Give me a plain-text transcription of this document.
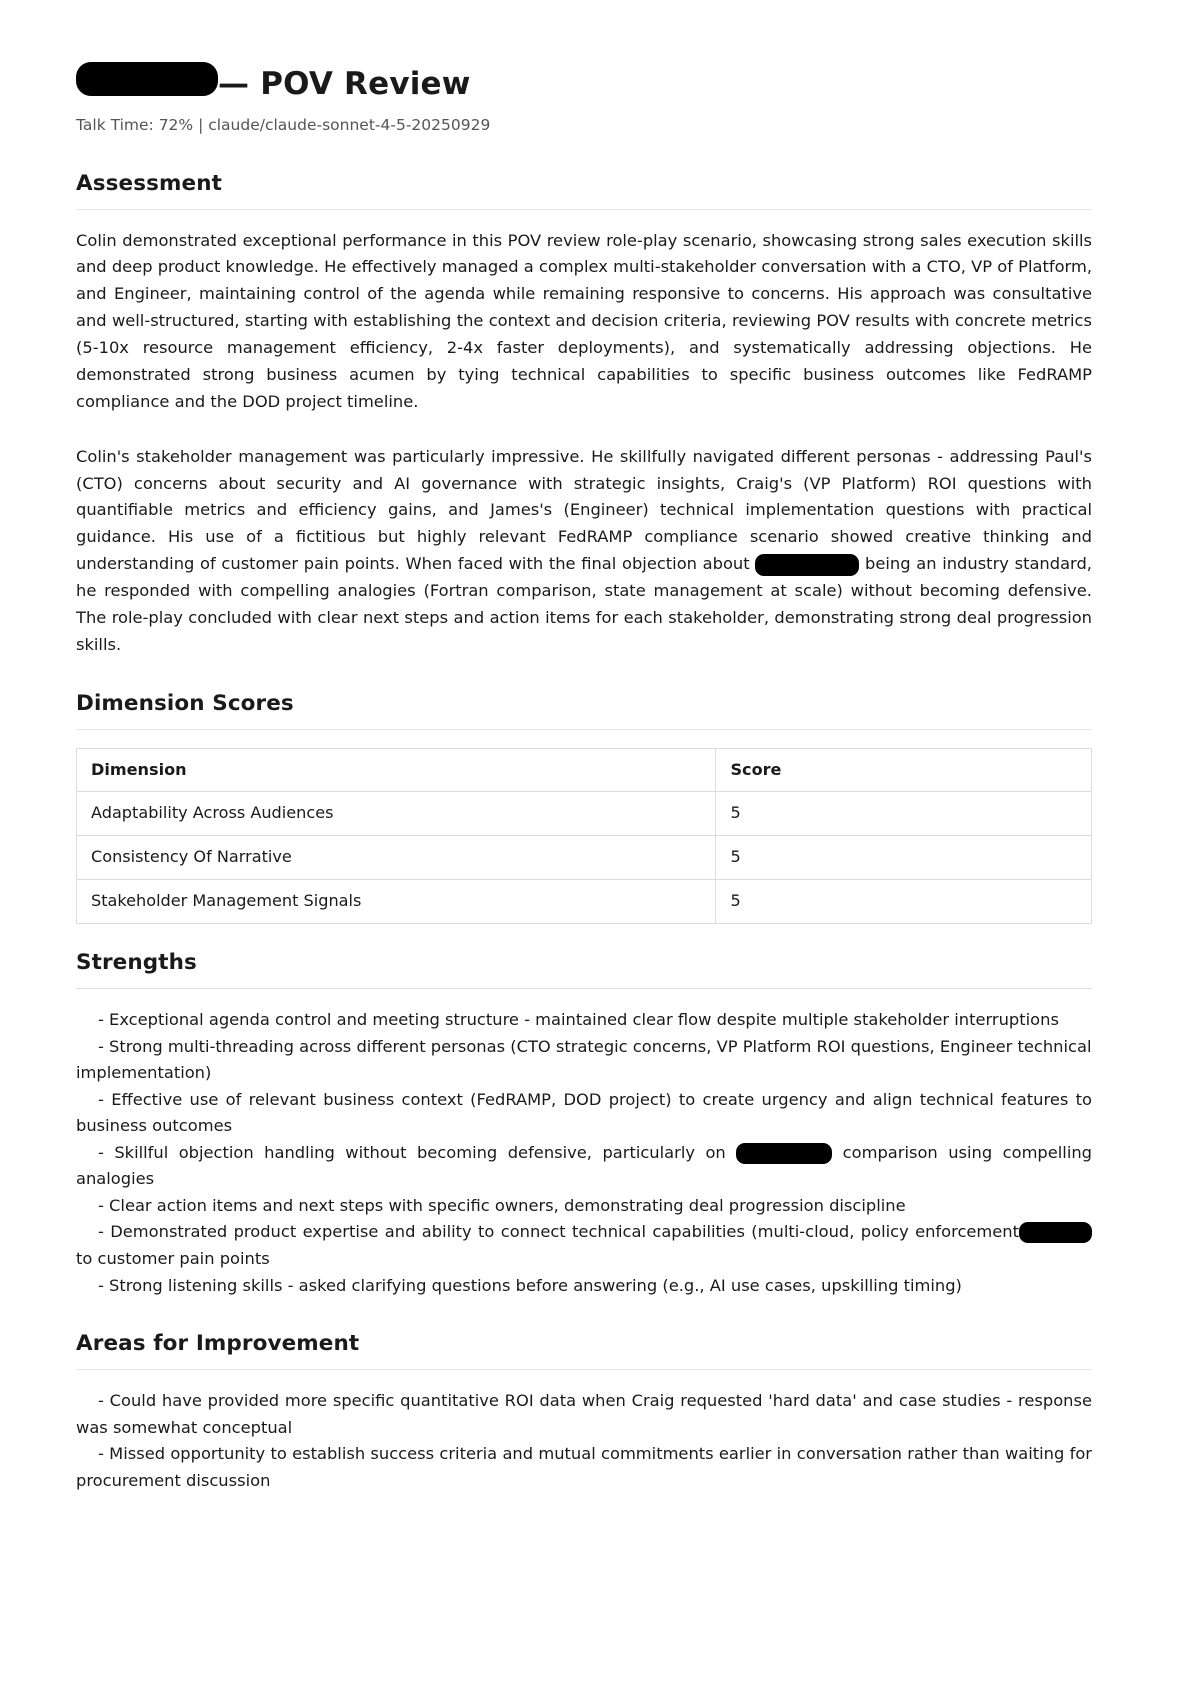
— POV Review
Talk Time: 72% | claude/claude-sonnet-4-5-20250929
Assessment

Colin demonstrated exceptional performance in this POV review role-play scenario, showcasing strong sales execution skills and deep product knowledge. He effectively managed a complex multi-stakeholder conversation with a CTO, VP of Platform, and Engineer, maintaining control of the agenda while remaining responsive to concerns. His approach was consultative and well-structured, starting with establishing the context and decision criteria, reviewing POV results with concrete metrics (5-10x resource management efficiency, 2-4x faster deployments), and systematically addressing objections. He demonstrated strong business acumen by tying technical capabilities to specific business outcomes like FedRAMP compliance and the DOD project timeline.

Colin's stakeholder management was particularly impressive. He skillfully navigated different personas - addressing Paul's (CTO) concerns about security and AI governance with strategic insights, Craig's (VP Platform) ROI questions with quantifiable metrics and efficiency gains, and James's (Engineer) technical implementation questions with practical guidance. His use of a fictitious but highly relevant FedRAMP compliance scenario showed creative thinking and understanding of customer pain points. When faced with the final objection about	being an industry standard, he responded with compelling analogies (Fortran comparison, state management at scale) without becoming defensive. The role-play concluded with clear next steps and action items for each stakeholder, demonstrating strong deal progression skills.

Dimension Scores
Dimension	Score
Adaptability Across Audiences	5
Consistency Of Narrative	5
Stakeholder Management Signals	5
Strengths
- Exceptional agenda control and meeting structure - maintained clear flow despite multiple stakeholder interruptions
- Strong multi-threading across different personas (CTO strategic concerns, VP Platform ROI questions, Engineer technical implementation)
- Effective use of relevant business context (FedRAMP, DOD project) to create urgency and align technical features to business outcomes
- Skillful objection handling without becoming defensive, particularly on	comparison using compelling analogies
- Clear action items and next steps with specific owners, demonstrating deal progression discipline
- Demonstrated product expertise and ability to connect technical capabilities (multi-cloud, policy enforcement to customer pain points
- Strong listening skills - asked clarifying questions before answering (e.g., AI use cases, upskilling timing)
Areas for Improvement
- Could have provided more specific quantitative ROI data when Craig requested 'hard data' and case studies - response was somewhat conceptual
- Missed opportunity to establish success criteria and mutual commitments earlier in conversation rather than waiting for procurement discussion
